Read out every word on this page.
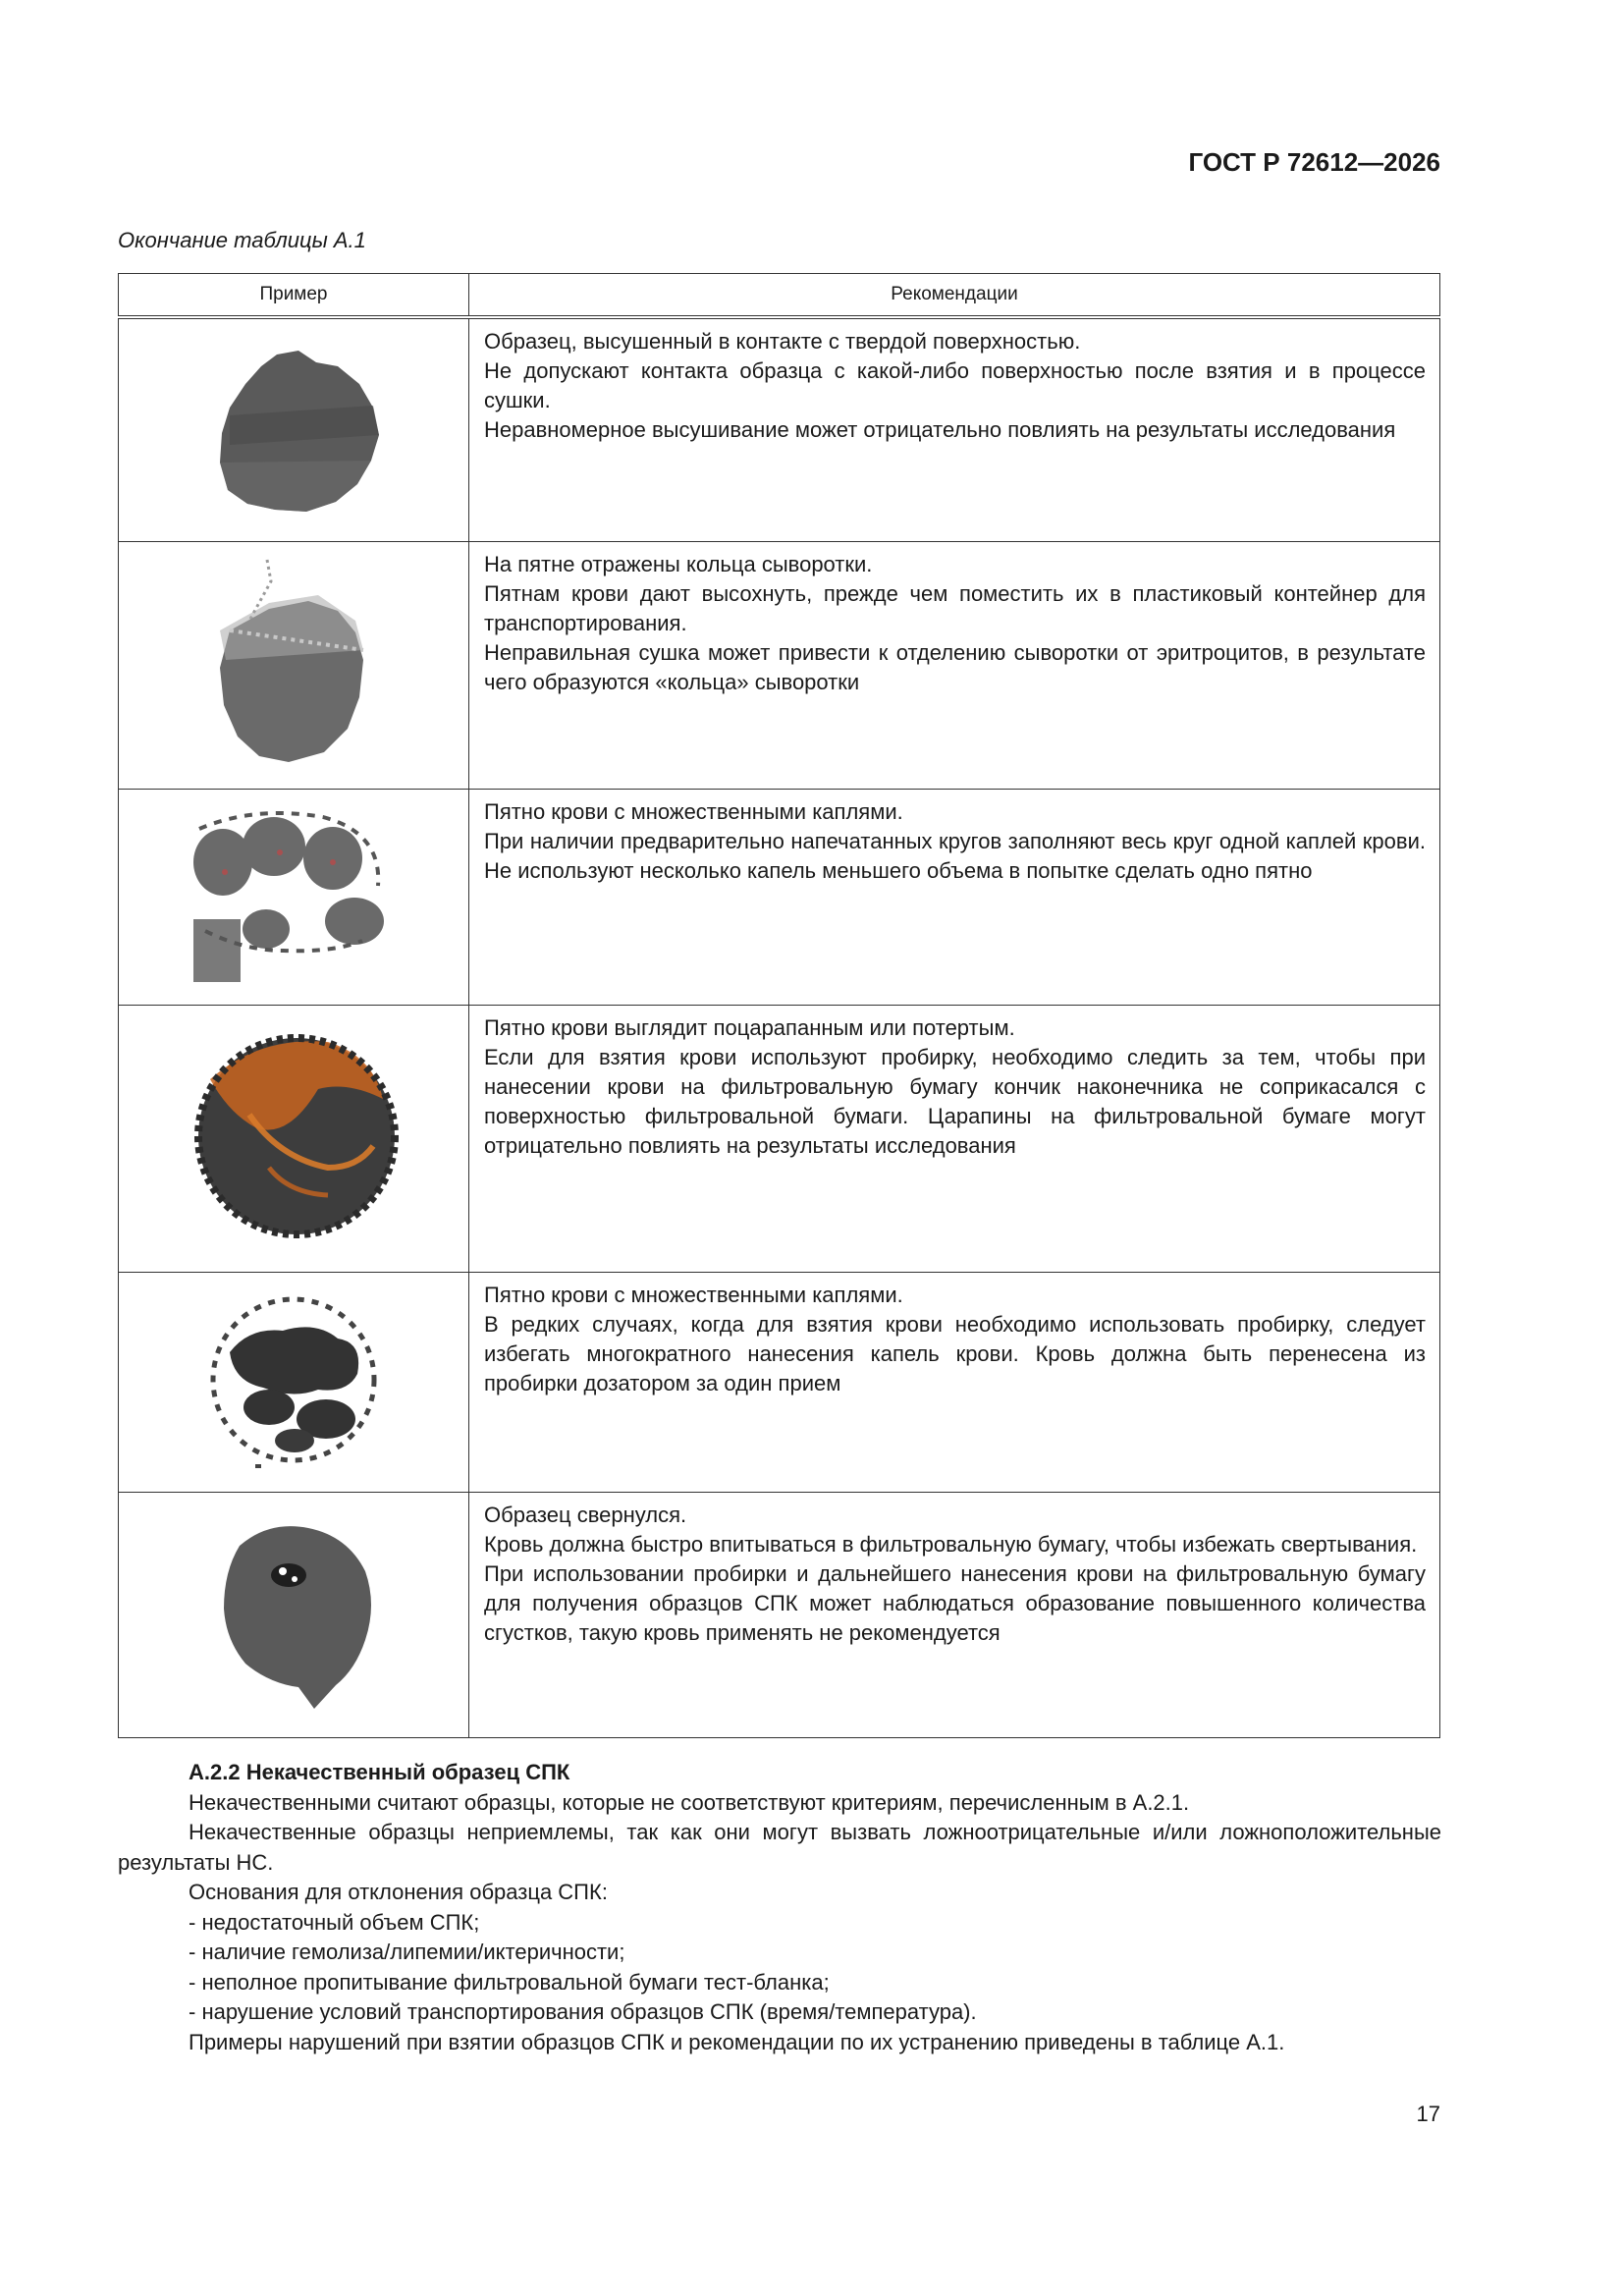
ГОСТ Р 72612—2026
Окончание таблицы А.1
Пример	Рекомендации

Образец, высушенный в контакте с твердой поверхностью.
Не допускают контакта образца с какой-либо поверхностью после взятия и в процессе сушки.
Неравномерное высушивание может отрицательно повлиять на результаты исследования

На пятне отражены кольца сыворотки.
Пятнам крови дают высохнуть, прежде чем поместить их в пластиковый контейнер для транспортирования.
Неправильная сушка может привести к отделению сыворотки от эритроцитов, в результате чего образуются «кольца» сыворотки

Пятно крови с множественными каплями.
При наличии предварительно напечатанных кругов заполняют весь круг одной каплей крови. Не используют несколько капель меньшего объема в попытке сделать одно пятно

Пятно крови выглядит поцарапанным или потертым.
Если для взятия крови используют пробирку, необходимо следить за тем, чтобы при нанесении крови на фильтровальную бумагу кончик наконечника не соприкасался с поверхностью фильтровальной бумаги. Царапины на фильтровальной бумаге могут отрицательно повлиять на результаты исследования

Пятно крови с множественными каплями.
В редких случаях, когда для взятия крови необходимо использовать пробирку, следует избегать многократного нанесения капель крови. Кровь должна быть перенесена из пробирки дозатором за один прием

Образец свернулся.
Кровь должна быстро впитываться в фильтровальную бумагу, чтобы избежать свертывания.
При использовании пробирки и дальнейшего нанесения крови на фильтровальную бумагу для получения образцов СПК может наблюдаться образование повышенного количества сгустков, такую кровь применять не рекомендуется
А.2.2 Некачественный образец СПК
Некачественными считают образцы, которые не соответствуют критериям, перечисленным в А.2.1.
Некачественные образцы неприемлемы, так как они могут вызвать ложноотрицательные и/или ложноположительные результаты НС.
Основания для отклонения образца СПК:
- недостаточный объем СПК;
- наличие гемолиза/липемии/иктеричности;
- неполное пропитывание фильтровальной бумаги тест-бланка;
- нарушение условий транспортирования образцов СПК (время/температура).
Примеры нарушений при взятии образцов СПК и рекомендации по их устранению приведены в таблице А.1.
17
